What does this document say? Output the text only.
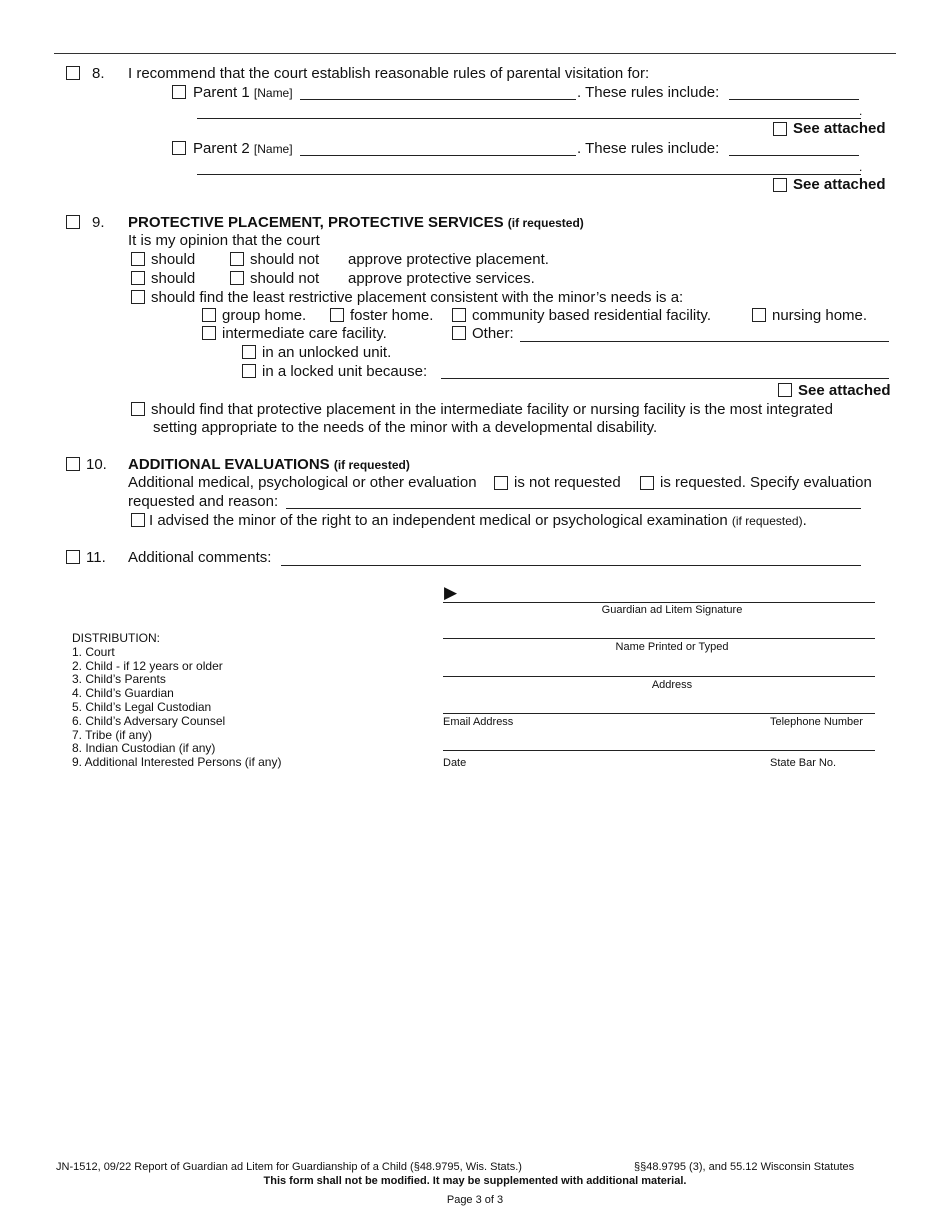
8. I recommend that the court establish reasonable rules of parental visitation for:
Parent 1 [Name]	. These rules include:
.
See attached
Parent 2 [Name]	. These rules include:
.
See attached
9. PROTECTIVE PLACEMENT, PROTECTIVE SERVICES (if requested)
It is my opinion that the court
should	should not approve protective placement.
should	should not approve protective services.
should find the least restrictive placement consistent with the minor’s needs is a:
group home.	foster home.	community based residential facility.	nursing home.
intermediate care facility.	Other:
in an unlocked unit.
in a locked unit because:
See attached
should find that protective placement in the intermediate facility or nursing facility is the most integrated
setting appropriate to the needs of the minor with a developmental disability.
10. ADDITIONAL EVALUATIONS (if requested)
Additional medical, psychological or other evaluation is not requested	is requested. Specify evaluation
requested and reason:
I advised the minor of the right to an independent medical or psychological examination (if requested).
11. Additional comments:
▶
Guardian ad Litem Signature
Name Printed or Typed
Address
Email Address	Telephone Number
Date	State Bar No.
DISTRIBUTION:
1. Court
2. Child - if 12 years or older
3. Child’s Parents
4. Child’s Guardian
5. Child’s Legal Custodian
6. Child’s Adversary Counsel
7. Tribe (if any)
8. Indian Custodian (if any)
9. Additional Interested Persons (if any)
JN-1512, 09/22 Report of Guardian ad Litem for Guardianship of a Child (§48.9795, Wis. Stats.)	§§48.9795 (3), and 55.12 Wisconsin Statutes
This form shall not be modified. It may be supplemented with additional material.
Page 3 of 3
